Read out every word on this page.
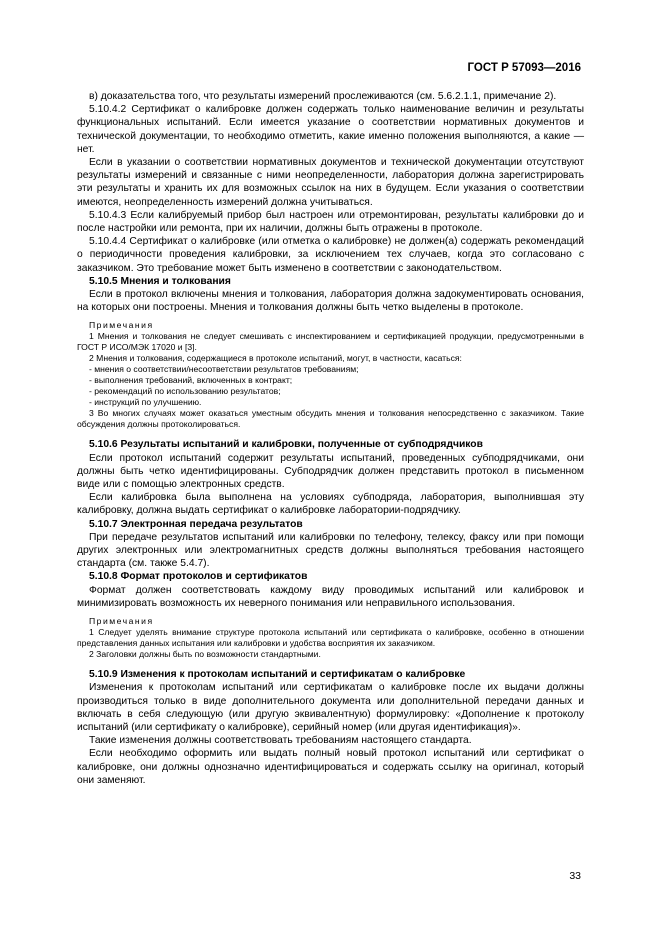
ГОСТ Р 57093—2016

в) доказательства того, что результаты измерений прослеживаются (см. 5.6.2.1.1, примечание 2).

5.10.4.2 Сертификат о калибровке должен содержать только наименование величин и результаты функциональных испытаний. Если имеется указание о соответствии нормативных документов и технической документации, то необходимо отметить, какие именно положения выполняются, а какие — нет.

Если в указании о соответствии нормативных документов и технической документации отсутствуют результаты измерений и связанные с ними неопределенности, лаборатория должна зарегистрировать эти результаты и хранить их для возможных ссылок на них в будущем. Если указания о соответствии имеются, неопределенность измерений должна учитываться.

5.10.4.3 Если калибруемый прибор был настроен или отремонтирован, результаты калибровки до и после настройки или ремонта, при их наличии, должны быть отражены в протоколе.

5.10.4.4 Сертификат о калибровке (или отметка о калибровке) не должен(а) содержать рекомендаций о периодичности проведения калибровки, за исключением тех случаев, когда это согласовано с заказчиком. Это требование может быть изменено в соответствии с законодательством.

5.10.5 Мнения и толкования

Если в протокол включены мнения и толкования, лаборатория должна задокументировать основания, на которых они построены. Мнения и толкования должны быть четко выделены в протоколе.

Примечания

1 Мнения и толкования не следует смешивать с инспектированием и сертификацией продукции, предусмотренными в ГОСТ Р ИСО/МЭК 17020 и [3].

2 Мнения и толкования, содержащиеся в протоколе испытаний, могут, в частности, касаться:

- мнения о соответствии/несоответствии результатов требованиям;

- выполнения требований, включенных в контракт;

- рекомендаций по использованию результатов;

- инструкций по улучшению.

3 Во многих случаях может оказаться уместным обсудить мнения и толкования непосредственно с заказчиком. Такие обсуждения должны протоколироваться.

5.10.6 Результаты испытаний и калибровки, полученные от субподрядчиков

Если протокол испытаний содержит результаты испытаний, проведенных субподрядчиками, они должны быть четко идентифицированы. Субподрядчик должен представить протокол в письменном виде или с помощью электронных средств.

Если калибровка была выполнена на условиях субподряда, лаборатория, выполнившая эту калибровку, должна выдать сертификат о калибровке лаборатории-подрядчику.

5.10.7 Электронная передача результатов

При передаче результатов испытаний или калибровки по телефону, телексу, факсу или при помощи других электронных или электромагнитных средств должны выполняться требования настоящего стандарта (см. также 5.4.7).

5.10.8 Формат протоколов и сертификатов

Формат должен соответствовать каждому виду проводимых испытаний или калибровок и минимизировать возможность их неверного понимания или неправильного использования.

Примечания

1 Следует уделять внимание структуре протокола испытаний или сертификата о калибровке, особенно в отношении представления данных испытания или калибровки и удобства восприятия их заказчиком.

2 Заголовки должны быть по возможности стандартными.

5.10.9 Изменения к протоколам испытаний и сертификатам о калибровке

Изменения к протоколам испытаний или сертификатам о калибровке после их выдачи должны производиться только в виде дополнительного документа или дополнительной передачи данных и включать в себя следующую (или другую эквивалентную) формулировку: «Дополнение к протоколу испытаний (или сертификату о калибровке), серийный номер (или другая идентификация)».

Такие изменения должны соответствовать требованиям настоящего стандарта.

Если необходимо оформить или выдать полный новый протокол испытаний или сертификат о калибровке, они должны однозначно идентифицироваться и содержать ссылку на оригинал, который они заменяют.

33
